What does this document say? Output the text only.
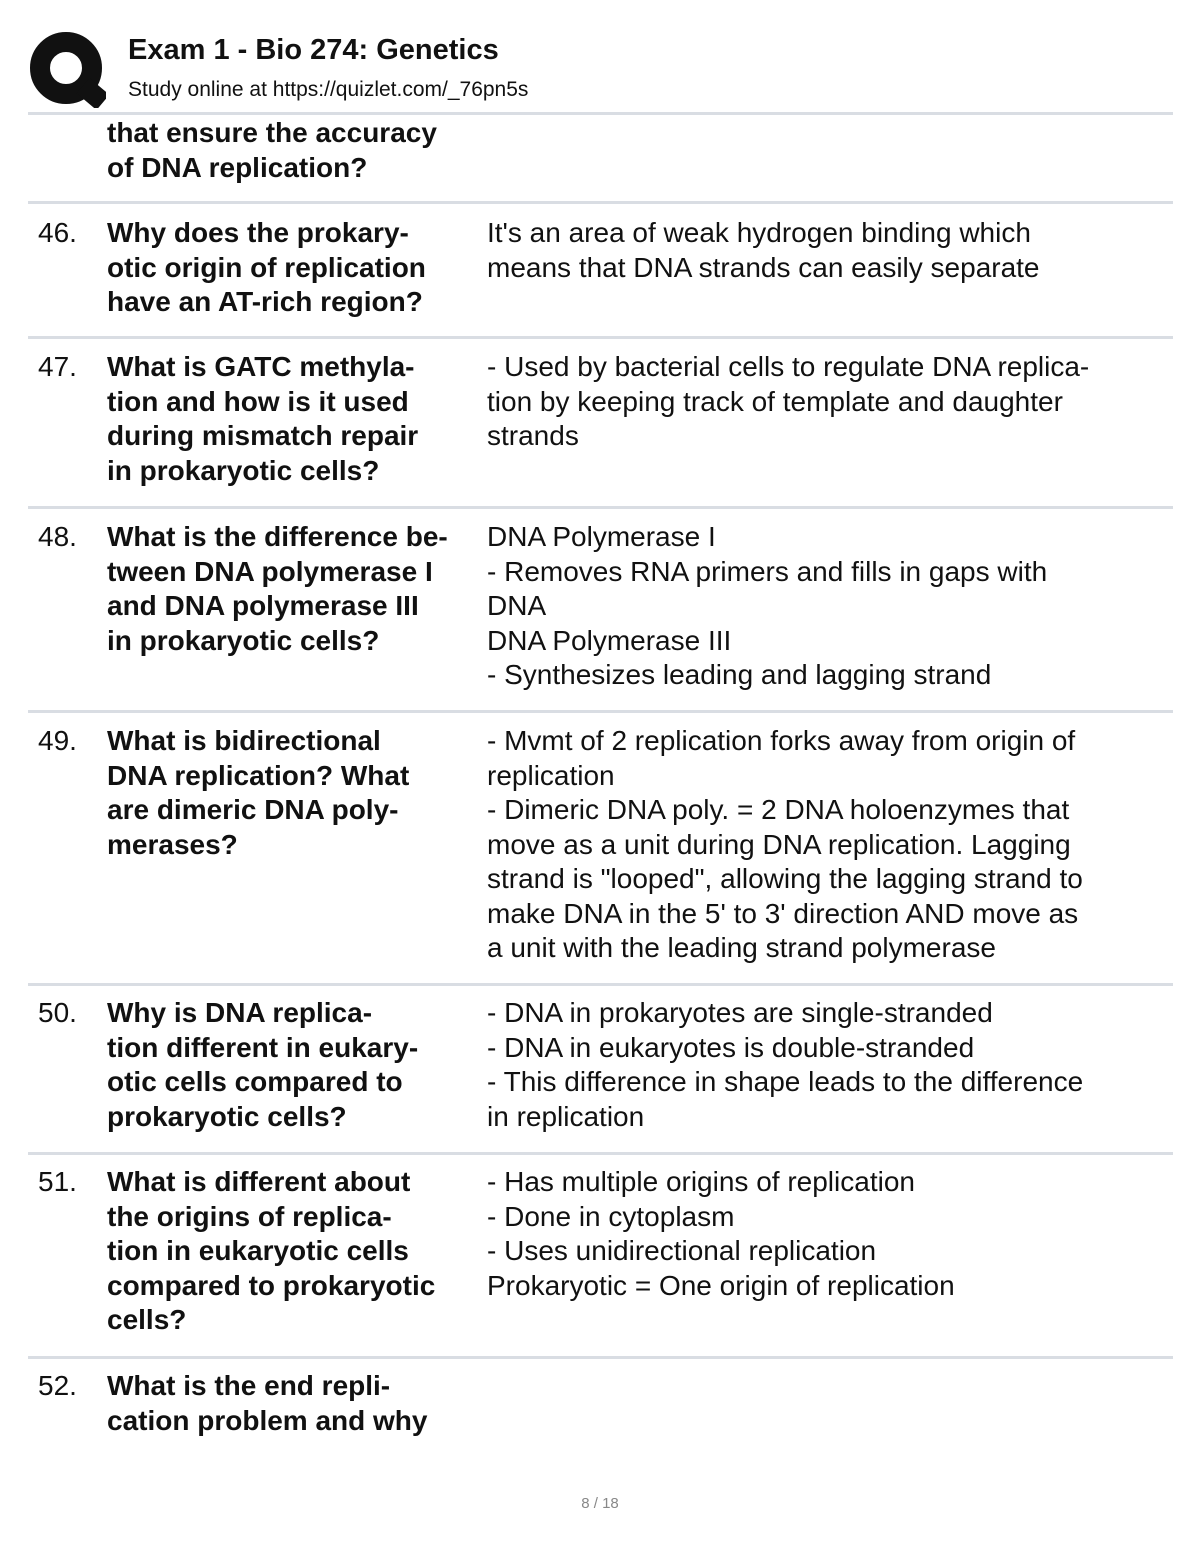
Exam 1 - Bio 274: Genetics
Study online at https://quizlet.com/_76pn5s
that ensure the accuracy
of DNA replication?
46. Why does the prokary-
otic origin of replication
have an AT-rich region?
It's an area of weak hydrogen binding which
means that DNA strands can easily separate
47. What is GATC methyla-
tion and how is it used
during mismatch repair
in prokaryotic cells?
- Used by bacterial cells to regulate DNA replica-
tion by keeping track of template and daughter
strands
48. What is the difference be-
tween DNA polymerase I
and DNA polymerase III
in prokaryotic cells?
DNA Polymerase I
- Removes RNA primers and fills in gaps with
DNA
DNA Polymerase III
- Synthesizes leading and lagging strand
49. What is bidirectional
DNA replication? What
are dimeric DNA poly-
merases?
- Mvmt of 2 replication forks away from origin of
replication
- Dimeric DNA poly. = 2 DNA holoenzymes that
move as a unit during DNA replication. Lagging
strand is "looped", allowing the lagging strand to
make DNA in the 5' to 3' direction AND move as
a unit with the leading strand polymerase
50. Why is DNA replica-
tion different in eukary-
otic cells compared to
prokaryotic cells?
- DNA in prokaryotes are single-stranded
- DNA in eukaryotes is double-stranded
- This difference in shape leads to the difference
in replication
51. What is different about
the origins of replica-
tion in eukaryotic cells
compared to prokaryotic
cells?
- Has multiple origins of replication
- Done in cytoplasm
- Uses unidirectional replication
Prokaryotic = One origin of replication
52. What is the end repli-
cation problem and why
8 / 18
